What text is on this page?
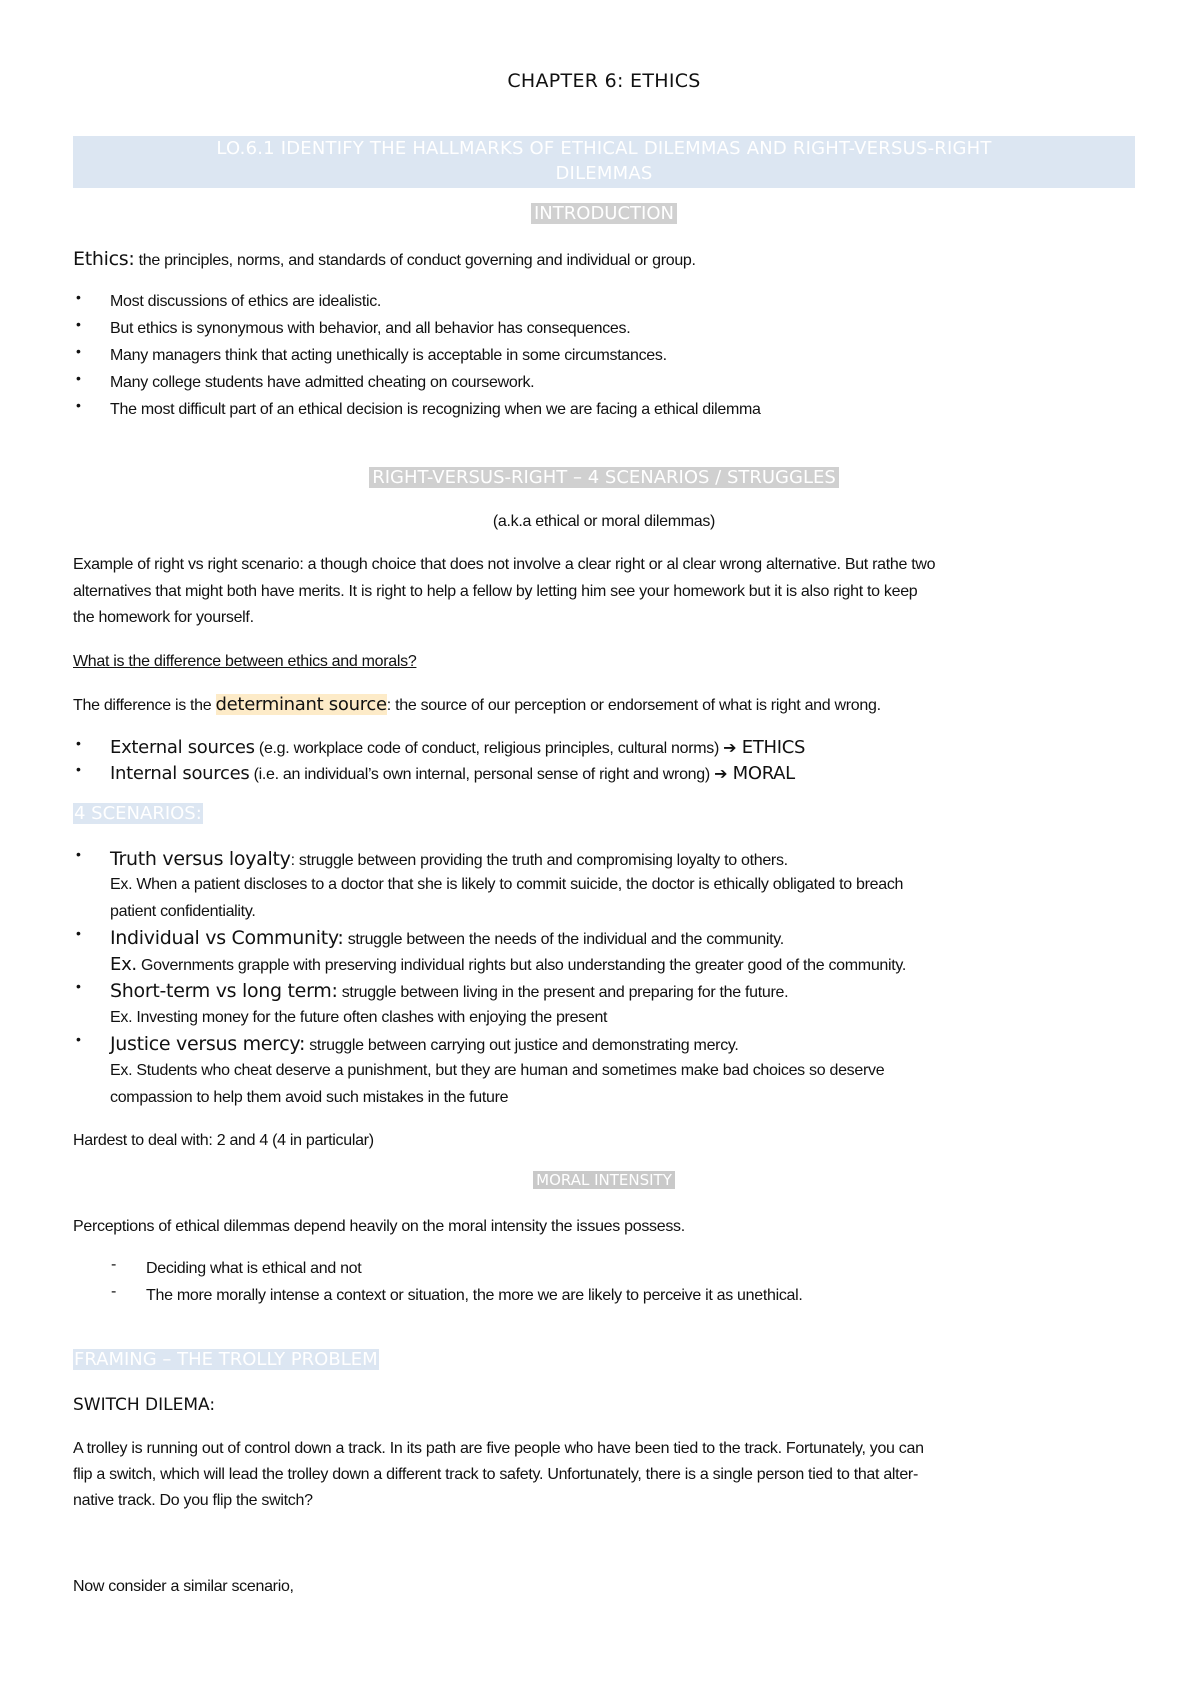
CHAPTER 6: ETHICS
LO.6.1 IDENTIFY THE HALLMARKS OF ETHICAL DILEMMAS AND RIGHT-VERSUS-RIGHT
DILEMMAS
INTRODUCTION
Ethics: the principles, norms, and standards of conduct governing and individual or group.
• Most discussions of ethics are idealistic.
• But ethics is synonymous with behavior, and all behavior has consequences.
• Many managers think that acting unethically is acceptable in some circumstances.
• Many college students have admitted cheating on coursework.
• The most difficult part of an ethical decision is recognizing when we are facing a ethical dilemma
RIGHT-VERSUS-RIGHT – 4 SCENARIOS / STRUGGLES
(a.k.a ethical or moral dilemmas)
Example of right vs right scenario: a though choice that does not involve a clear right or al clear wrong alternative. But rathe two
alternatives that might both have merits. It is right to help a fellow by letting him see your homework but it is also right to keep
the homework for yourself.
What is the difference between ethics and morals?
The difference is the determinant source: the source of our perception or endorsement of what is right and wrong.
• External sources (e.g. workplace code of conduct, religious principles, cultural norms) ➔ ETHICS
• Internal sources (i.e. an individual’s own internal, personal sense of right and wrong) ➔ MORAL
4 SCENARIOS:
• Truth versus loyalty: struggle between providing the truth and compromising loyalty to others.
Ex. When a patient discloses to a doctor that she is likely to commit suicide, the doctor is ethically obligated to breach
patient confidentiality.
• Individual vs Community: struggle between the needs of the individual and the community.
Ex. Governments grapple with preserving individual rights but also understanding the greater good of the community.
• Short-term vs long term: struggle between living in the present and preparing for the future.
Ex. Investing money for the future often clashes with enjoying the present
• Justice versus mercy: struggle between carrying out justice and demonstrating mercy.
Ex. Students who cheat deserve a punishment, but they are human and sometimes make bad choices so deserve
compassion to help them avoid such mistakes in the future
Hardest to deal with: 2 and 4 (4 in particular)
MORAL INTENSITY
Perceptions of ethical dilemmas depend heavily on the moral intensity the issues possess.
- Deciding what is ethical and not
- The more morally intense a context or situation, the more we are likely to perceive it as unethical.
FRAMING – THE TROLLY PROBLEM
SWITCH DILEMA:
A trolley is running out of control down a track. In its path are five people who have been tied to the track. Fortunately, you can
flip a switch, which will lead the trolley down a different track to safety. Unfortunately, there is a single person tied to that alter-
native track. Do you flip the switch?
Now consider a similar scenario,
